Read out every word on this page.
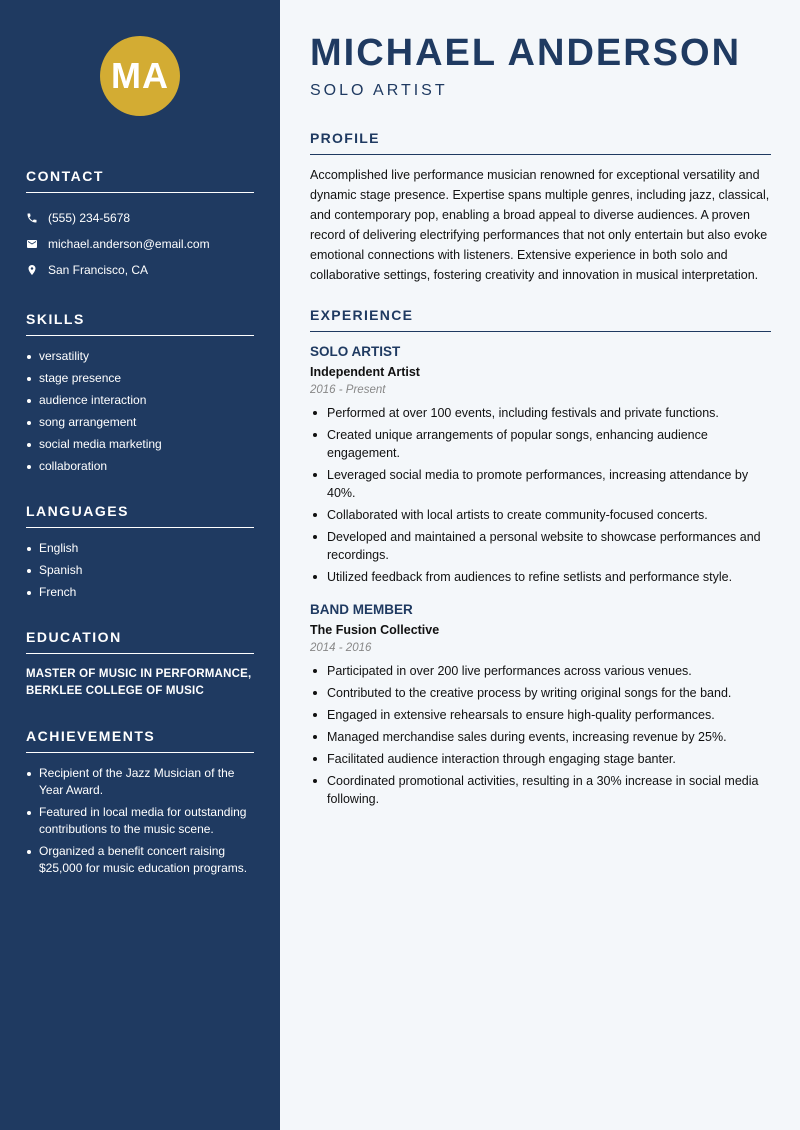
MA
CONTACT
(555) 234-5678
michael.anderson@email.com
San Francisco, CA
SKILLS
versatility
stage presence
audience interaction
song arrangement
social media marketing
collaboration
LANGUAGES
English
Spanish
French
EDUCATION
MASTER OF MUSIC IN PERFORMANCE, BERKLEE COLLEGE OF MUSIC
ACHIEVEMENTS
Recipient of the Jazz Musician of the Year Award.
Featured in local media for outstanding contributions to the music scene.
Organized a benefit concert raising $25,000 for music education programs.
MICHAEL ANDERSON
SOLO ARTIST
PROFILE

Accomplished live performance musician renowned for exceptional versatility and dynamic stage presence. Expertise spans multiple genres, including jazz, classical, and contemporary pop, enabling a broad appeal to diverse audiences. A proven record of delivering electrifying performances that not only entertain but also evoke emotional connections with listeners. Extensive experience in both solo and collaborative settings, fostering creativity and innovation in musical interpretation.

EXPERIENCE
SOLO ARTIST
Independent Artist
2016 - Present
Performed at over 100 events, including festivals and private functions.
Created unique arrangements of popular songs, enhancing audience engagement.
Leveraged social media to promote performances, increasing attendance by 40%.
Collaborated with local artists to create community-focused concerts.
Developed and maintained a personal website to showcase performances and recordings.
Utilized feedback from audiences to refine setlists and performance style.
BAND MEMBER
The Fusion Collective
2014 - 2016
Participated in over 200 live performances across various venues.
Contributed to the creative process by writing original songs for the band.
Engaged in extensive rehearsals to ensure high-quality performances.
Managed merchandise sales during events, increasing revenue by 25%.
Facilitated audience interaction through engaging stage banter.
Coordinated promotional activities, resulting in a 30% increase in social media following.
